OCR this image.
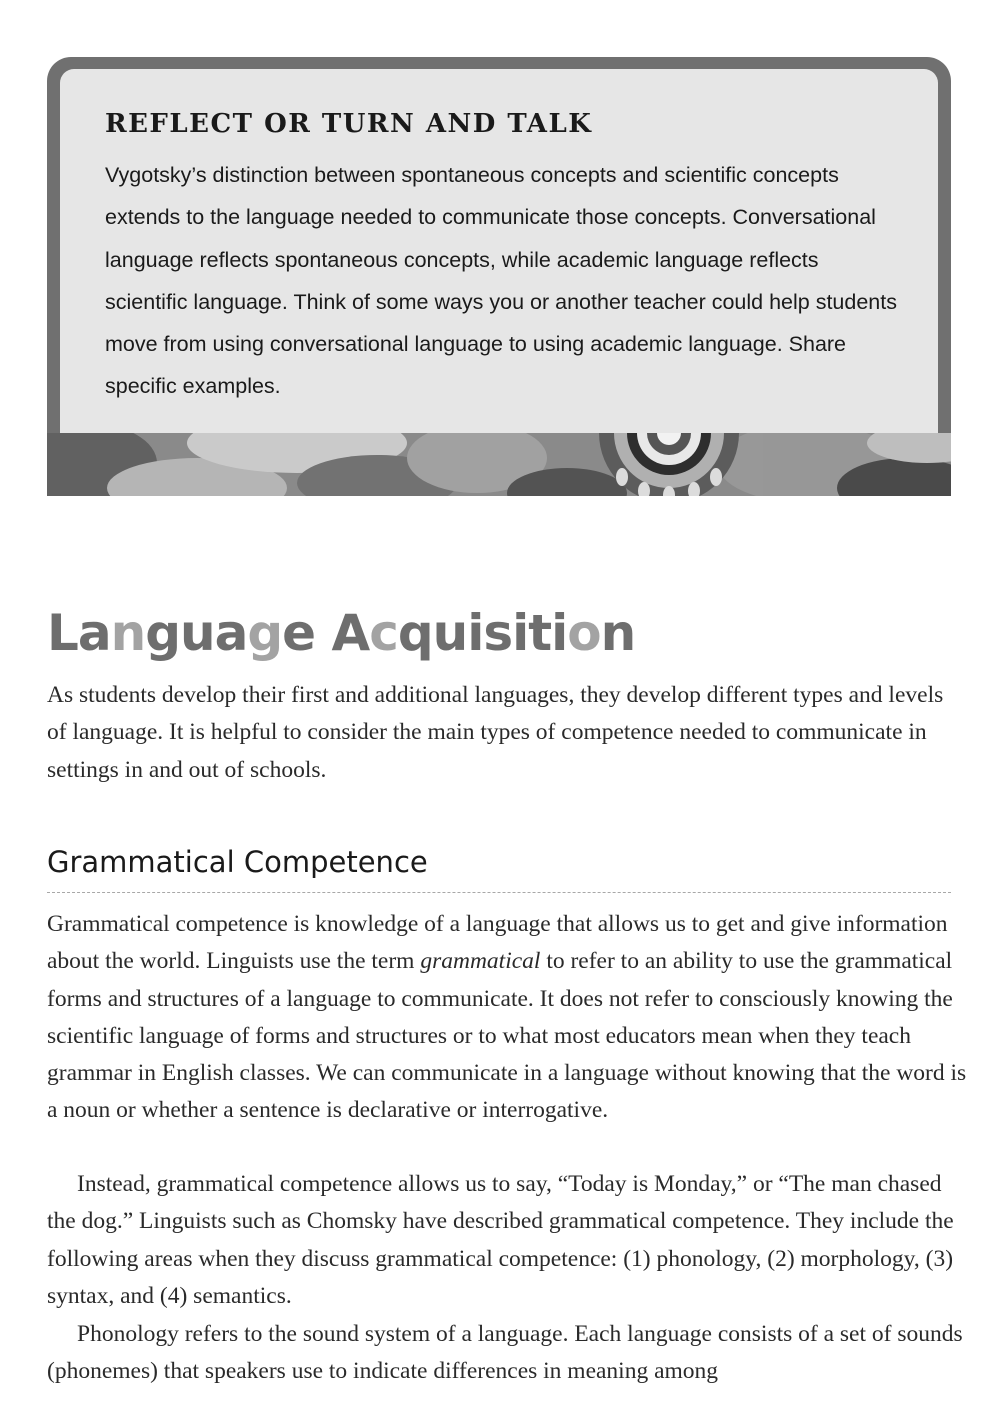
REFLECT OR TURN AND TALK

Vygotsky’s distinction between spontaneous concepts and scientific concepts extends to the language needed to communicate those concepts. Conversational language reflects spontaneous concepts, while academic language reflects scientific language. Think of some ways you or another teacher could help students move from using conversational language to using academic language. Share specific examples.

Language Acquisition

As students develop their first and additional languages, they develop different types and levels of language. It is helpful to consider the main types of competence needed to communicate in settings in and out of schools.

Grammatical Competence

Grammatical competence is knowledge of a language that allows us to get and give information about the world. Linguists use the term grammatical to refer to an ability to use the grammatical forms and structures of a language to communicate. It does not refer to consciously knowing the scientific language of forms and structures or to what most educators mean when they teach grammar in English classes. We can communicate in a language without knowing that the word is a noun or whether a sentence is declarative or interrogative.

Instead, grammatical competence allows us to say, “Today is Monday,” or “The man chased the dog.” Linguists such as Chomsky have described grammatical competence. They include the following areas when they discuss grammatical competence: (1) phonology, (2) morphology, (3) syntax, and (4) semantics.

Phonology refers to the sound system of a language. Each language consists of a set of sounds (phonemes) that speakers use to indicate differences in meaning among
